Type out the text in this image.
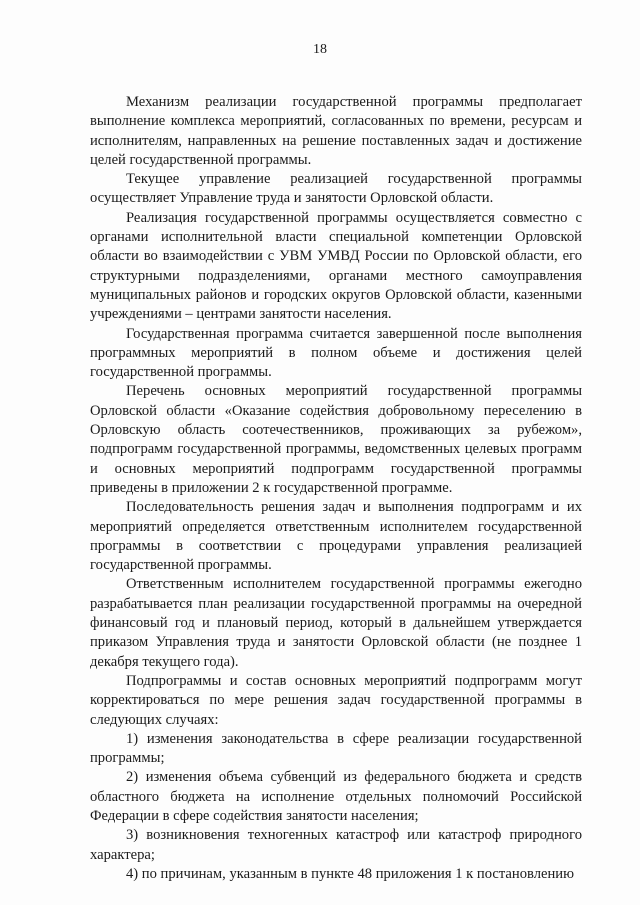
18

Механизм реализации государственной программы предполагает выполнение комплекса мероприятий, согласованных по времени, ресурсам и исполнителям, направленных на решение поставленных задач и достижение целей государственной программы.

Текущее управление реализацией государственной программы осуществляет Управление труда и занятости Орловской области.

Реализация государственной программы осуществляется совместно с органами исполнительной власти специальной компетенции Орловской области во взаимодействии с УВМ УМВД России по Орловской области, его структурными подразделениями, органами местного самоуправления муниципальных районов и городских округов Орловской области, казенными учреждениями – центрами занятости населения.

Государственная программа считается завершенной после выполнения программных мероприятий в полном объеме и достижения целей государственной программы.

Перечень основных мероприятий государственной программы Орловской области «Оказание содействия добровольному переселению в Орловскую область соотечественников, проживающих за рубежом», подпрограмм государственной программы, ведомственных целевых программ и основных мероприятий подпрограмм государственной программы приведены в приложении 2 к государственной программе.

Последовательность решения задач и выполнения подпрограмм и их мероприятий определяется ответственным исполнителем государственной программы в соответствии с процедурами управления реализацией государственной программы.

Ответственным исполнителем государственной программы ежегодно разрабатывается план реализации государственной программы на очередной финансовый год и плановый период, который в дальнейшем утверждается приказом Управления труда и занятости Орловской области (не позднее 1 декабря текущего года).

Подпрограммы и состав основных мероприятий подпрограмм могут корректироваться по мере решения задач государственной программы в следующих случаях:

1) изменения законодательства в сфере реализации государственной программы;

2) изменения объема субвенций из федерального бюджета и средств областного бюджета на исполнение отдельных полномочий Российской Федерации в сфере содействия занятости населения;

3) возникновения техногенных катастроф или катастроф природного характера;

4) по причинам, указанным в пункте 48 приложения 1 к постановлению
